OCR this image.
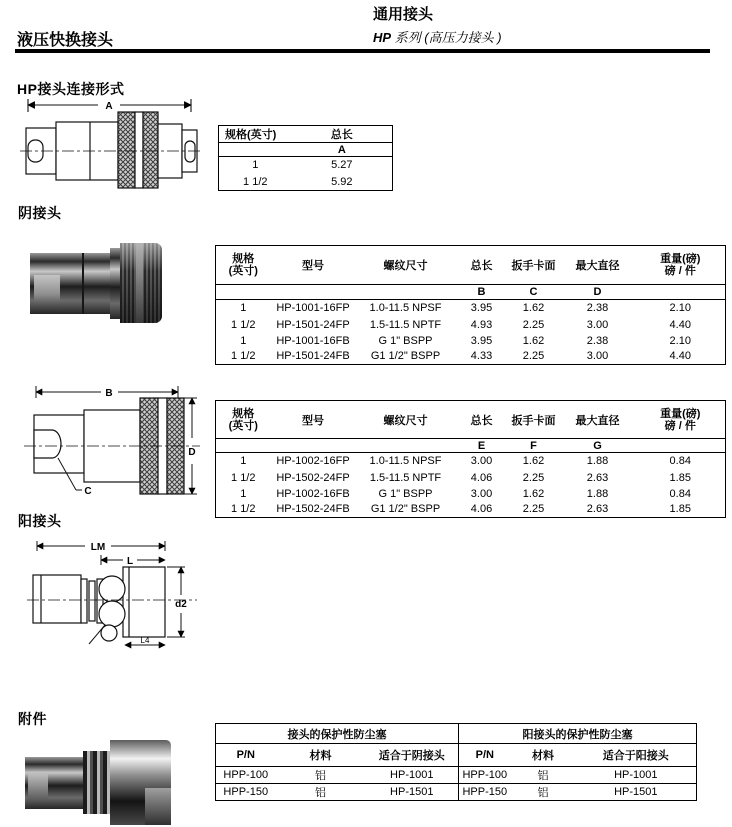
液压快换接头
通用接头
HP 系列 (高压力接头 )
HP接头连接形式
阴接头
阳接头
附件
A
规格(英寸)	总长
	A
1	5.27
1 1/2	5.92
规格
(英寸)	型号	螺纹尺寸	总长	扳手卡面	最大直径	
重量(磅)
磅 / 件

			B	C	D	
1	HP-1001-16FP	1.0-11.5 NPSF	3.95	1.62	2.38	2.10
1 1/2	HP-1501-24FP	1.5-11.5 NPTF	4.93	2.25	3.00	4.40
1	HP-1001-16FB	G 1" BSPP	3.95	1.62	2.38	2.10
1 1/2	HP-1501-24FB	G1 1/2" BSPP	4.33	2.25	3.00	4.40
B
D
C
规格
(英寸)	型号	螺纹尺寸	总长	扳手卡面	最大直径	
重量(磅)
磅 / 件

			E	F	G	
1	HP-1002-16FP	1.0-11.5 NPSF	3.00	1.62	1.88	0.84
1 1/2	HP-1502-24FP	1.5-11.5 NPTF	4.06	2.25	2.63	1.85
1	HP-1002-16FB	G 1" BSPP	3.00	1.62	1.88	0.84
1 1/2	HP-1502-24FB	G1 1/2" BSPP	4.06	2.25	2.63	1.85
LM
L
d2
L4
接头的保护性防尘塞			阳接头的保护性防尘塞		
P/N	材料	适合于阴接头	P/N	材料	适合于阳接头
HPP-100	铝	HP-1001	HPP-100	铝	HP-1001
HPP-150	铝	HP-1501	HPP-150	铝	HP-1501
